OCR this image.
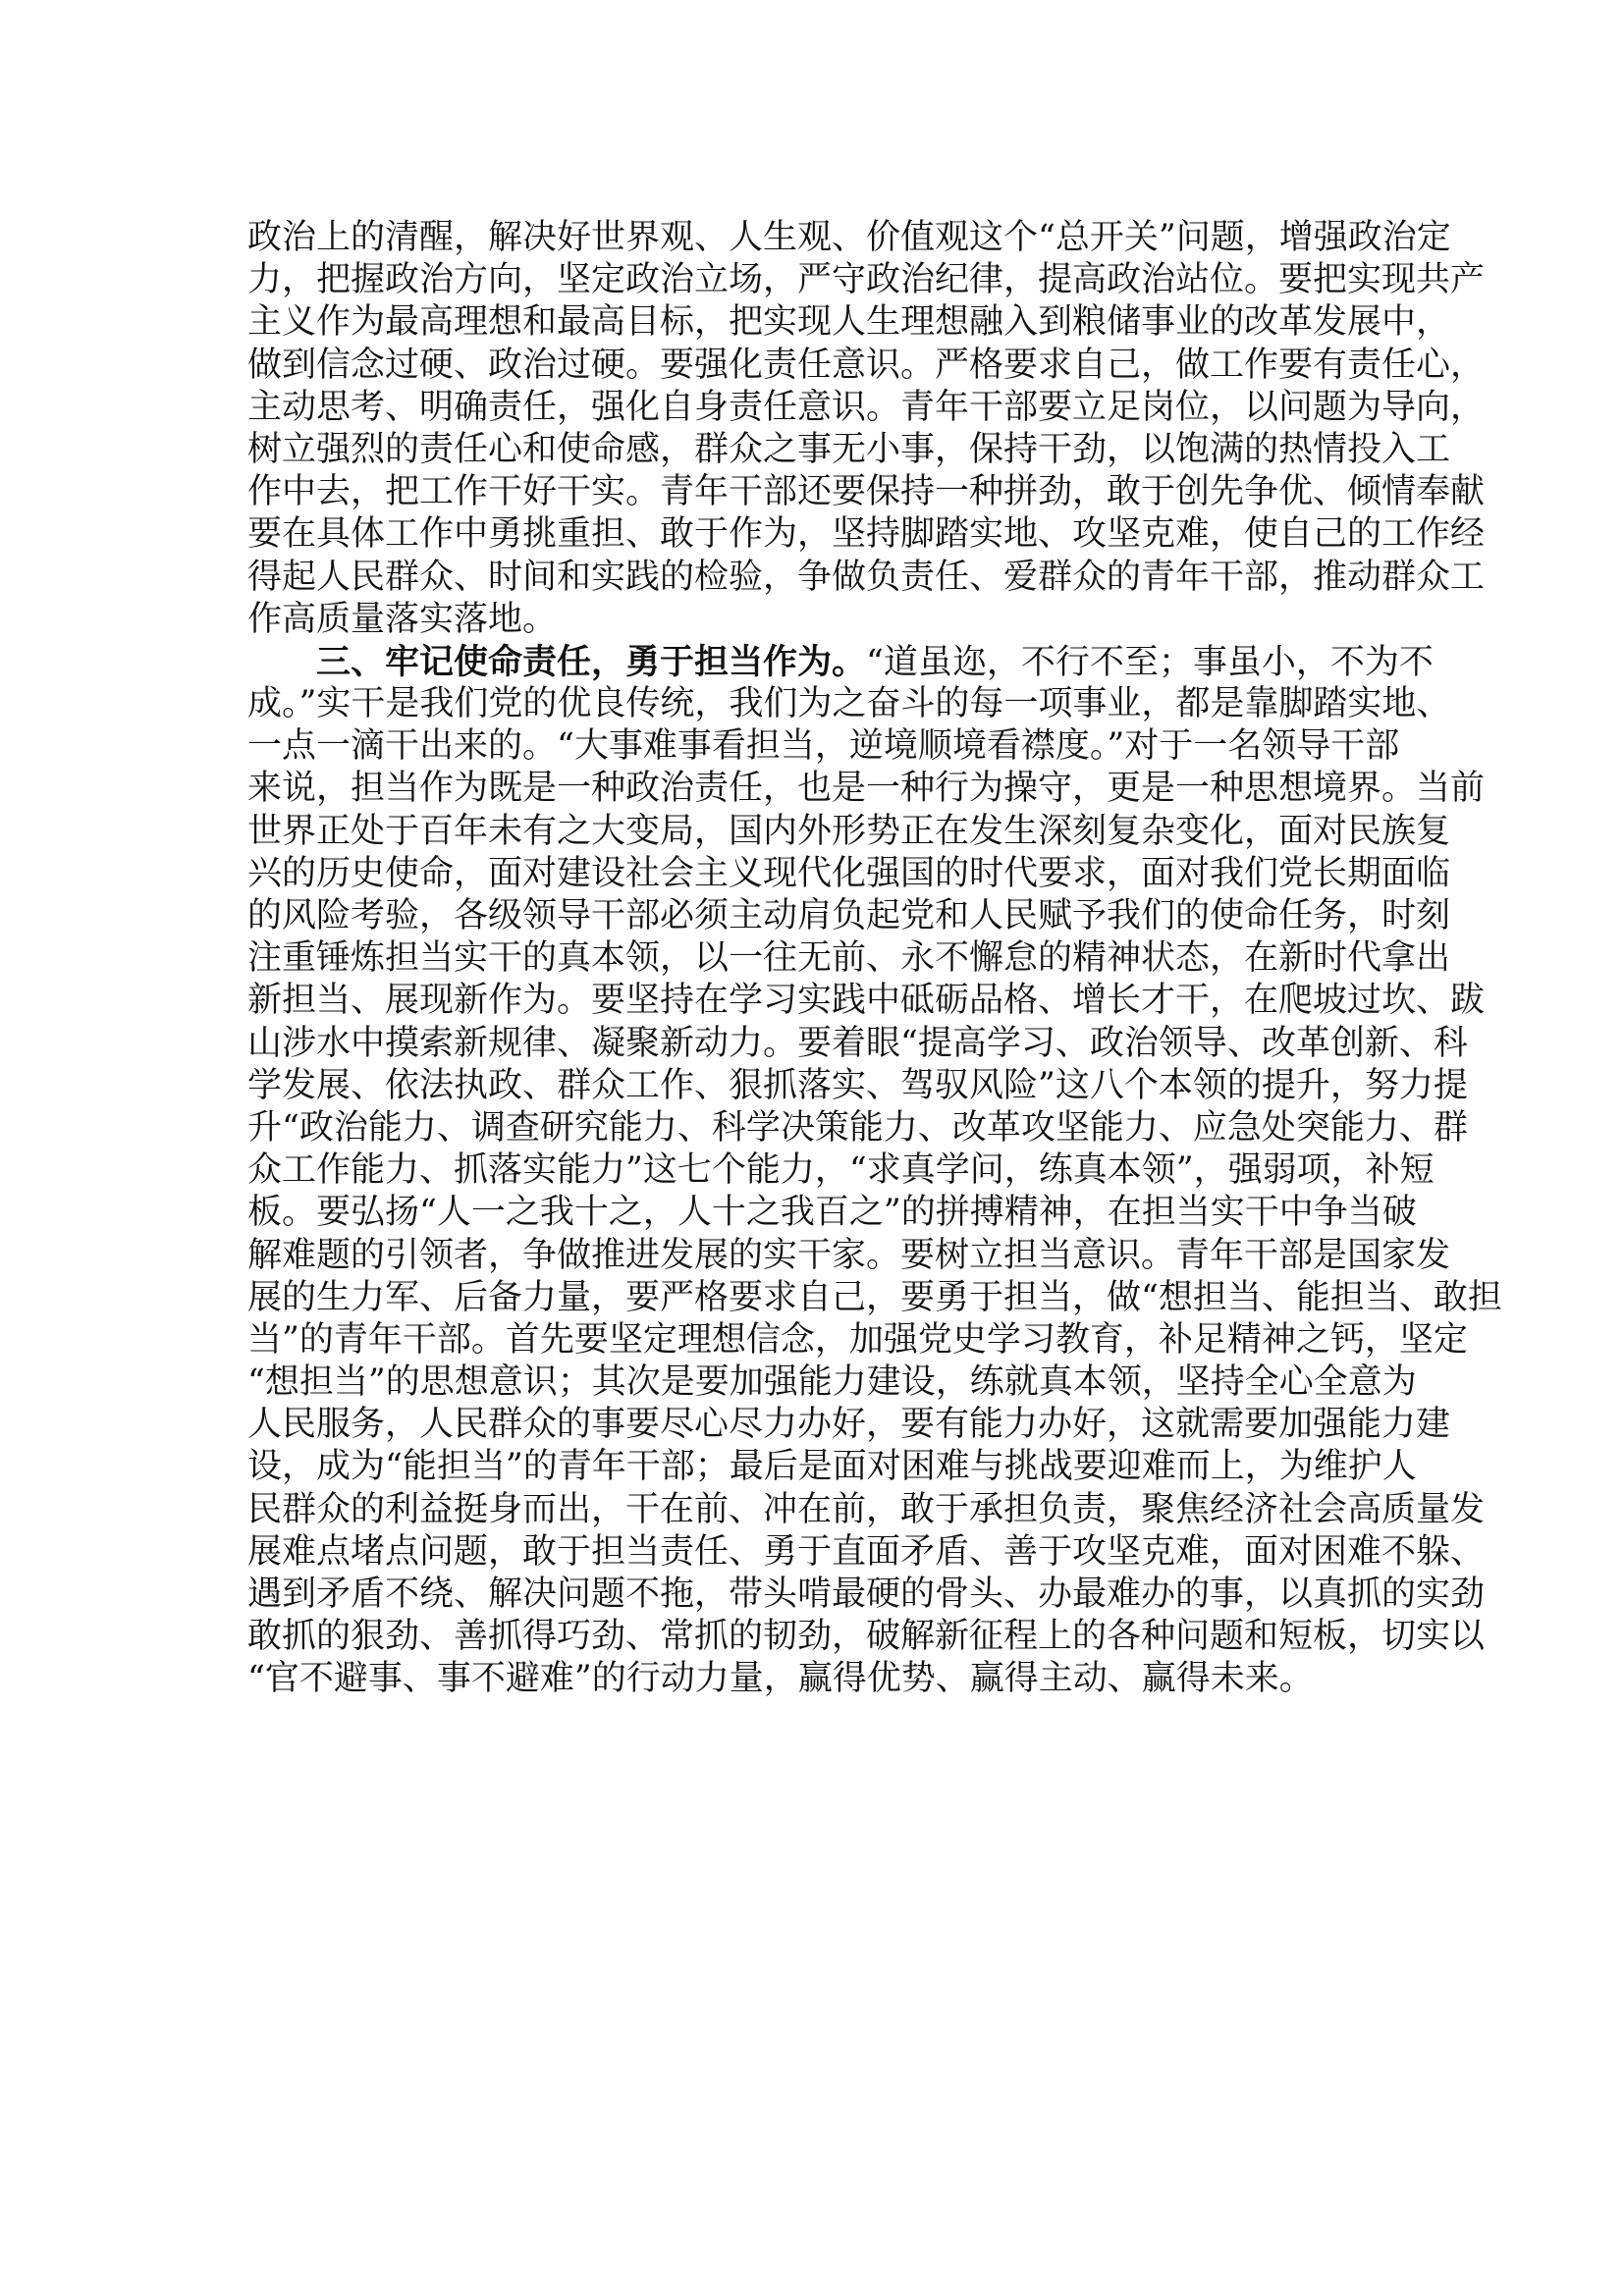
政治上的清醒，解决好世界观、人生观、价值观这个“总开关”问题，增强政治定
力，把握政治方向，坚定政治立场，严守政治纪律，提高政治站位。要把实现共产
主义作为最高理想和最高目标，把实现人生理想融入到粮储事业的改革发展中，
做到信念过硬、政治过硬。要强化责任意识。严格要求自己，做工作要有责任心，
主动思考、明确责任，强化自身责任意识。青年干部要立足岗位，以问题为导向，
树立强烈的责任心和使命感，群众之事无小事，保持干劲，以饱满的热情投入工
作中去，把工作干好干实。青年干部还要保持一种拼劲，敢于创先争优、倾情奉献
要在具体工作中勇挑重担、敢于作为，坚持脚踏实地、攻坚克难，使自己的工作经
得起人民群众、时间和实践的检验，争做负责任、爱群众的青年干部，推动群众工
作高质量落实落地。
三、牢记使命责任，勇于担当作为。“道虽迩，不行不至；事虽小，不为不
成。”实干是我们党的优良传统，我们为之奋斗的每一项事业，都是靠脚踏实地、
一点一滴干出来的。“大事难事看担当，逆境顺境看襟度。”对于一名领导干部
来说，担当作为既是一种政治责任，也是一种行为操守，更是一种思想境界。当前
世界正处于百年未有之大变局，国内外形势正在发生深刻复杂变化，面对民族复
兴的历史使命，面对建设社会主义现代化强国的时代要求，面对我们党长期面临
的风险考验，各级领导干部必须主动肩负起党和人民赋予我们的使命任务，时刻
注重锤炼担当实干的真本领，以一往无前、永不懈怠的精神状态，在新时代拿出
新担当、展现新作为。要坚持在学习实践中砥砺品格、增长才干，在爬坡过坎、跋
山涉水中摸索新规律、凝聚新动力。要着眼“提高学习、政治领导、改革创新、科
学发展、依法执政、群众工作、狠抓落实、驾驭风险”这八个本领的提升，努力提
升“政治能力、调查研究能力、科学决策能力、改革攻坚能力、应急处突能力、群
众工作能力、抓落实能力”这七个能力，“求真学问，练真本领”，强弱项，补短
板。要弘扬“人一之我十之，人十之我百之”的拼搏精神，在担当实干中争当破
解难题的引领者，争做推进发展的实干家。要树立担当意识。青年干部是国家发
展的生力军、后备力量，要严格要求自己，要勇于担当，做“想担当、能担当、敢担
当”的青年干部。首先要坚定理想信念，加强党史学习教育，补足精神之钙，坚定
“想担当”的思想意识；其次是要加强能力建设，练就真本领，坚持全心全意为
人民服务，人民群众的事要尽心尽力办好，要有能力办好，这就需要加强能力建
设，成为“能担当”的青年干部；最后是面对困难与挑战要迎难而上，为维护人
民群众的利益挺身而出，干在前、冲在前，敢于承担负责，聚焦经济社会高质量发
展难点堵点问题，敢于担当责任、勇于直面矛盾、善于攻坚克难，面对困难不躲、
遇到矛盾不绕、解决问题不拖，带头啃最硬的骨头、办最难办的事，以真抓的实劲
敢抓的狠劲、善抓得巧劲、常抓的韧劲，破解新征程上的各种问题和短板，切实以
“官不避事、事不避难”的行动力量，赢得优势、赢得主动、赢得未来。
